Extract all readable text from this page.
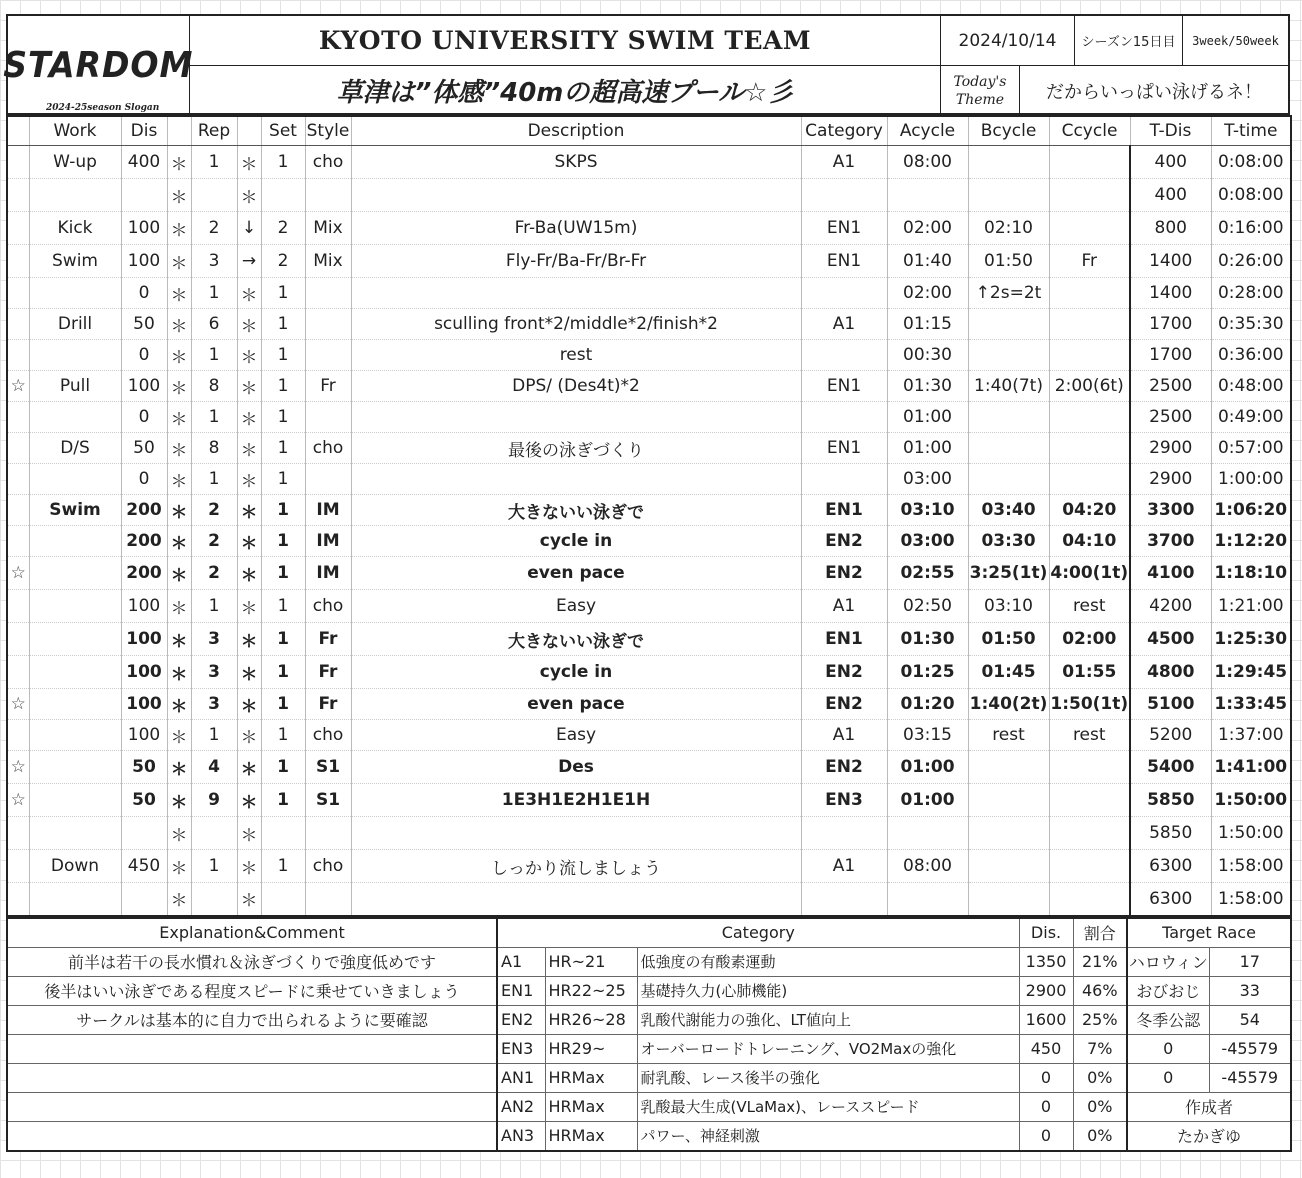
STARDOM
2024-25season Slogan
KYOTO UNIVERSITY SWIM TEAM
草津は”体感”40mの超高速プール☆彡
2024/10/14	シーズン15日目	3week/50week
Today's
Theme	だからいっぱい泳げるネ！
	Work	Dis		Rep		Set	Style	Description	Category	Acycle	Bcycle	Ccycle	T-Dis	T-time
	W-up	400	＊	1	＊	1	cho	SKPS	A1	08:00			400	0:08:00
			＊		＊								400	0:08:00
	Kick	100	＊	2	↓	2	Mix	Fr-Ba(UW15m)	EN1	02:00	02:10		800	0:16:00
	Swim	100	＊	3	→	2	Mix	Fly-Fr/Ba-Fr/Br-Fr	EN1	01:40	01:50	Fr	1400	0:26:00
		0	＊	1	＊	1				02:00	↑2s=2t		1400	0:28:00
	Drill	50	＊	6	＊	1		sculling front*2/middle*2/finish*2	A1	01:15			1700	0:35:30
		0	＊	1	＊	1		rest		00:30			1700	0:36:00
☆	Pull	100	＊	8	＊	1	Fr	DPS/ (Des4t)*2	EN1	01:30	1:40(7t)	2:00(6t)	2500	0:48:00
		0	＊	1	＊	1				01:00			2500	0:49:00
	D/S	50	＊	8	＊	1	cho	最後の泳ぎづくり	EN1	01:00			2900	0:57:00
		0	＊	1	＊	1				03:00			2900	1:00:00
	Swim	200	＊	2	＊	1	IM	大きないい泳ぎで	EN1	03:10	03:40	04:20	3300	1:06:20
		200	＊	2	＊	1	IM	cycle in	EN2	03:00	03:30	04:10	3700	1:12:20
☆		200	＊	2	＊	1	IM	even pace	EN2	02:55	3:25(1t)	4:00(1t)	4100	1:18:10
		100	＊	1	＊	1	cho	Easy	A1	02:50	03:10	rest	4200	1:21:00
		100	＊	3	＊	1	Fr	大きないい泳ぎで	EN1	01:30	01:50	02:00	4500	1:25:30
		100	＊	3	＊	1	Fr	cycle in	EN2	01:25	01:45	01:55	4800	1:29:45
☆		100	＊	3	＊	1	Fr	even pace	EN2	01:20	1:40(2t)	1:50(1t)	5100	1:33:45
		100	＊	1	＊	1	cho	Easy	A1	03:15	rest	rest	5200	1:37:00
☆		50	＊	4	＊	1	S1	Des	EN2	01:00			5400	1:41:00
☆		50	＊	9	＊	1	S1	1E3H1E2H1E1H	EN3	01:00			5850	1:50:00
			＊		＊								5850	1:50:00
	Down	450	＊	1	＊	1	cho	しっかり流しましょう	A1	08:00			6300	1:58:00
			＊		＊								6300	1:58:00
Explanation&Comment
前半は若干の長水慣れ＆泳ぎづくりで強度低めです
後半はいい泳ぎである程度スピードに乗せていきましょう
サークルは基本的に自力で出られるように要確認

Category			Dis.	割合
A1	HR~21	低強度の有酸素運動	1350	21%
EN1	HR22~25	基礎持久力(心肺機能)	2900	46%
EN2	HR26~28	乳酸代謝能力の強化、LT値向上	1600	25%
EN3	HR29~	オーバーロードトレーニング、VO2Maxの強化	450	7%
AN1	HRMax	耐乳酸、レース後半の強化	0	0%
AN2	HRMax	乳酸最大生成(VLaMax)、レーススピード	0	0%
AN3	HRMax	パワー、神経刺激	0	0%
Target Race	
ハロウィン	17
おびおじ	33
冬季公認	54
0	-45579
0	-45579
作成者	
たかぎゆ	
